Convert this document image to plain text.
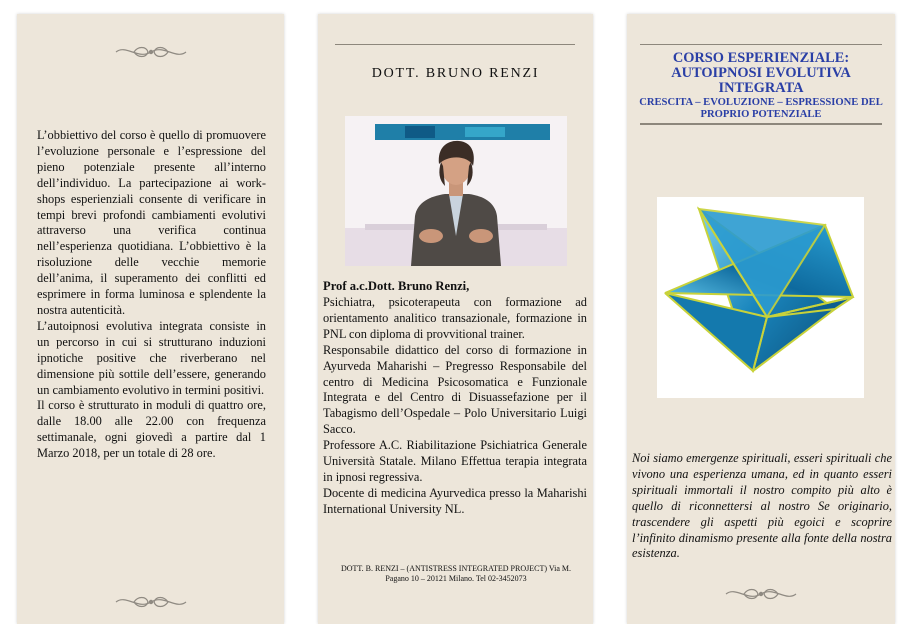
L’obbiettivo del corso è quello di promuovere l’evoluzione personale e l’espressione del pieno potenziale presente all’interno dell’individuo. La partecipazione ai work-shops esperienziali consente di verificare in tempi brevi profondi cambiamenti evolutivi attraverso una verifica continua nell’esperienza quotidiana. L’obbiettivo è la risoluzione delle vecchie memorie dell’anima, il superamento dei conflitti ed esprimere in forma luminosa e splendente la nostra autenticità.

L’autoipnosi evolutiva integrata consiste in un percorso in cui si strutturano induzioni ipnotiche positive che riverberano nel dimensione più sottile dell’essere, generando un cambiamento evolutivo in termini positivi.

Il corso è strutturato in moduli di quattro ore, dalle 18.00 alle 22.00 con frequenza settimanale, ogni giovedì a partire dal 1 Marzo 2018, per un totale di 28 ore.

DOTT. BRUNO RENZI
Prof a.c.Dott. Bruno Renzi,

Psichiatra, psicoterapeuta con formazione ad orientamento analitico transazionale, formazione in PNL con diploma di provvitional trainer.

Responsabile didattico del corso di formazione in Ayurveda Maharishi – Pregresso Responsabile del centro di Medicina Psicosomatica e Funzionale Integrata e del Centro di Disuassefazione per il Tabagismo dell’Ospedale – Polo Universitario Luigi Sacco.

Professore A.C. Riabilitazione Psichiatrica Generale Università Statale. Milano Effettua terapia integrata in ipnosi regressiva.

Docente di medicina Ayurvedica presso la Maharishi International University NL.

DOTT. B. RENZI – (ANTISTRESS INTEGRATED PROJECT) Via M.
Pagano 10 – 20121 Milano. Tel 02-3452073
CORSO ESPERIENZIALE:
AUTOIPNOSI EVOLUTIVA
INTEGRATA
CRESCITA – EVOLUZIONE – ESPRESSIONE DEL
PROPRIO POTENZIALE
Noi siamo emergenze spirituali, esseri spirituali che vivono una esperienza umana, ed in quanto esseri spirituali immortali il nostro compito più alto è quello di riconnettersi al nostro Se originario, trascendere gli aspetti più egoici e scoprire l’infinito dinamismo presente alla fonte della nostra esistenza.
